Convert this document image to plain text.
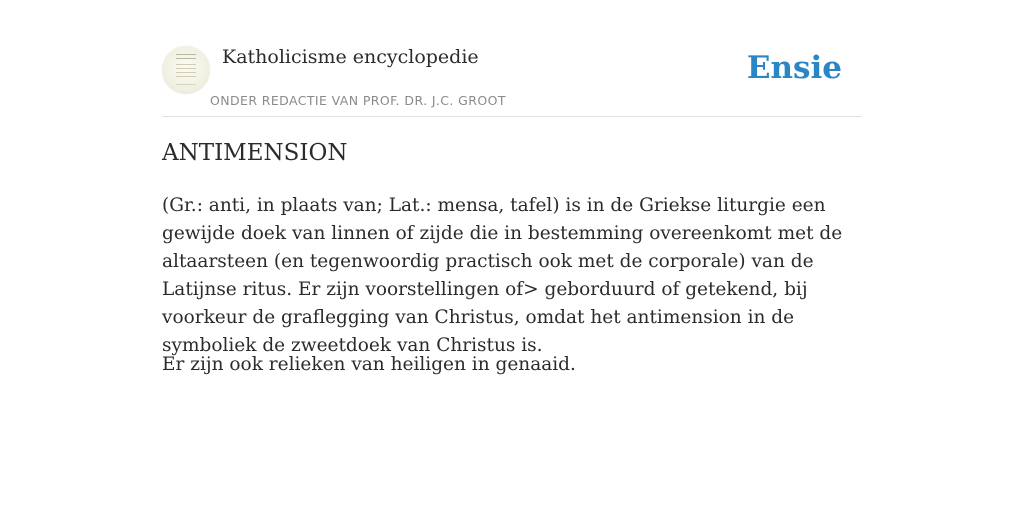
Katholicisme encyclopedie
ONDER REDACTIE VAN PROF. DR. J.C. GROOT
Ensie
ANTIMENSION

(Gr.: anti, in plaats van; Lat.: mensa, tafel) is in de Griekse liturgie een gewijde doek van linnen of zijde die in bestemming overeenkomt met de altaarsteen (en tegenwoordig practisch ook met de corporale) van de Latijnse ritus. Er zijn voorstellingen of> geborduurd of getekend, bij voorkeur de graflegging van Christus, omdat het antimension in de symboliek de zweetdoek van Christus is.

Er zijn ook relieken van heiligen in genaaid.
